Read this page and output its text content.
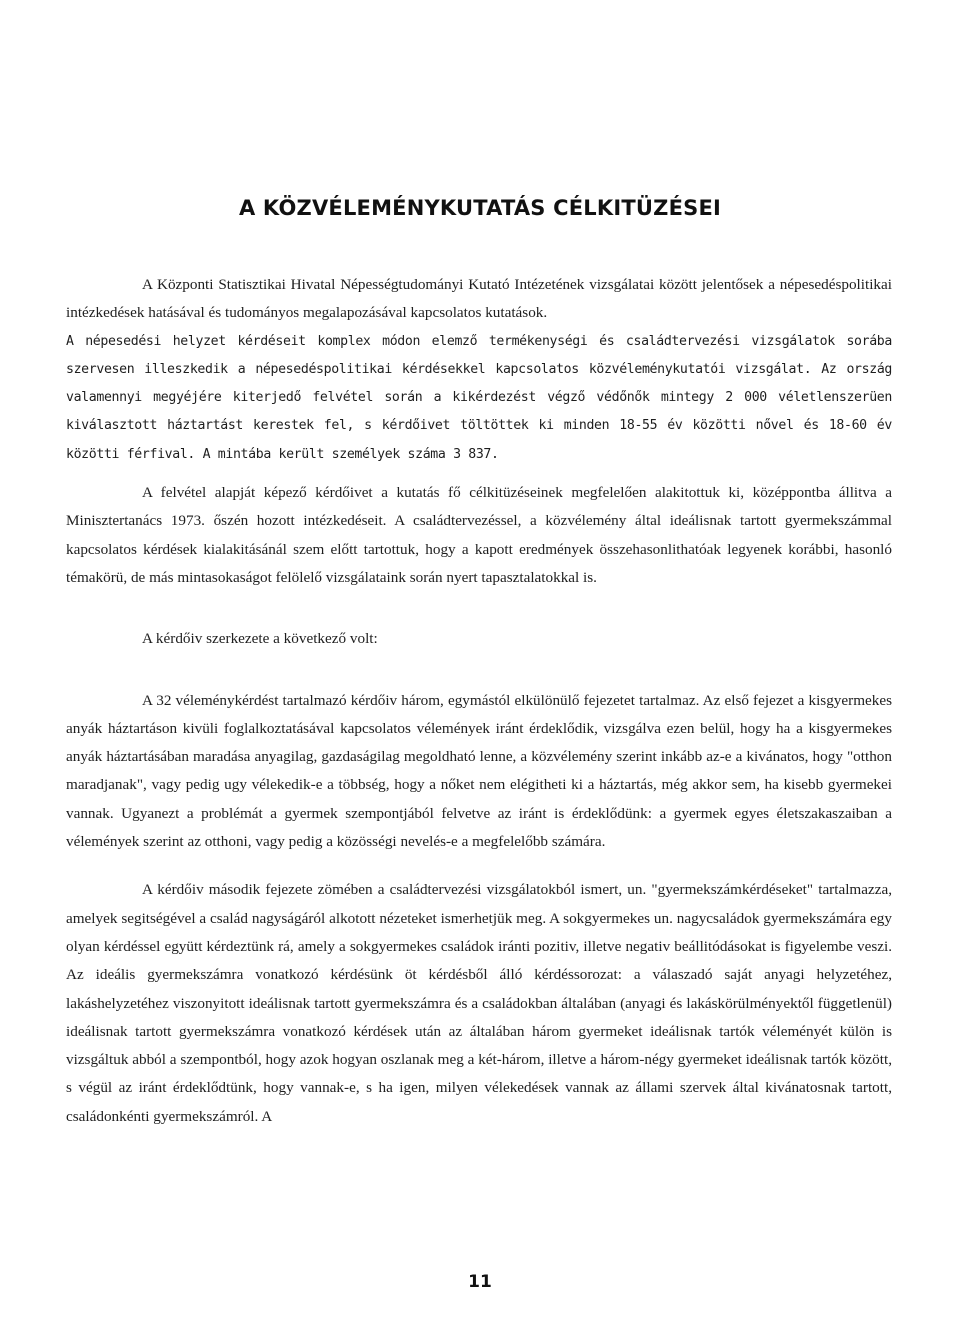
A KÖZVÉLEMÉNYKUTATÁS CÉLKITÜZÉSEI

A Központi Statisztikai Hivatal Népességtudományi Kutató Intézetének vizsgálatai között jelentősek a népesedéspolitikai intézkedések hatásával és tudományos megalapozásával kapcsolatos kutatások.

A népesedési helyzet kérdéseit komplex módon elemző termékenységi és családtervezési vizsgálatok sorába szervesen illeszkedik a népesedéspolitikai kérdésekkel kapcsolatos közvéleménykutatói vizsgálat. Az ország valamennyi megyéjére kiterjedő felvétel során a kikérdezést végző védőnők mintegy 2 000 véletlenszerüen kiválasztott háztartást kerestek fel, s kérdőivet töltöttek ki minden 18-55 év közötti nővel és 18-60 év közötti férfival. A mintába került személyek száma 3 837.

A felvétel alapját képező kérdőivet a kutatás fő célkitüzéseinek megfelelően alakitottuk ki, középpontba állitva a Minisztertanács 1973. őszén hozott intézkedéseit. A családtervezéssel, a közvélemény által ideálisnak tartott gyermekszámmal kapcsolatos kérdések kialakitásánál szem előtt tartottuk, hogy a kapott eredmények összehasonlithatóak legyenek korábbi, hasonló témakörü, de más mintasokaságot felölelő vizsgálataink során nyert tapasztalatokkal is.

A kérdőiv szerkezete a következő volt:

A 32 véleménykérdést tartalmazó kérdőiv három, egymástól elkülönülő fejezetet tartalmaz. Az első fejezet a kisgyermekes anyák háztartáson kivüli foglalkoztatásával kapcsolatos vélemények iránt érdeklődik, vizsgálva ezen belül, hogy ha a kisgyermekes anyák háztartásában maradása anyagilag, gazdaságilag megoldható lenne, a közvélemény szerint inkább az-e a kivánatos, hogy "otthon maradjanak", vagy pedig ugy vélekedik-e a többség, hogy a nőket nem elégitheti ki a háztartás, még akkor sem, ha kisebb gyermekei vannak. Ugyanezt a problémát a gyermek szempontjából felvetve az iránt is érdeklődünk: a gyermek egyes életszakaszaiban a vélemények szerint az otthoni, vagy pedig a közösségi nevelés-e a megfelelőbb számára.

A kérdőiv második fejezete zömében a családtervezési vizsgálatokból ismert, un. "gyermekszámkérdéseket" tartalmazza, amelyek segitségével a család nagyságáról alkotott nézeteket ismerhetjük meg. A sokgyermekes un. nagycsaládok gyermekszámára egy olyan kérdéssel együtt kérdeztünk rá, amely a sokgyermekes családok iránti pozitiv, illetve negativ beállitódásokat is figyelembe veszi. Az ideális gyermekszámra vonatkozó kérdésünk öt kérdésből álló kérdéssorozat: a válaszadó saját anyagi helyzetéhez, lakáshelyzetéhez viszonyitott ideálisnak tartott gyermekszámra és a családokban általában (anyagi és lakáskörülményektől függetlenül) ideálisnak tartott gyermekszámra vonatkozó kérdések után az általában három gyermeket ideálisnak tartók véleményét külön is vizsgáltuk abból a szempontból, hogy azok hogyan oszlanak meg a két-három, illetve a három-négy gyermeket ideálisnak tartók között, s végül az iránt érdeklődtünk, hogy vannak-e, s ha igen, milyen vélekedések vannak az állami szervek által kivánatosnak tartott, családonkénti gyermekszámról. A

11
